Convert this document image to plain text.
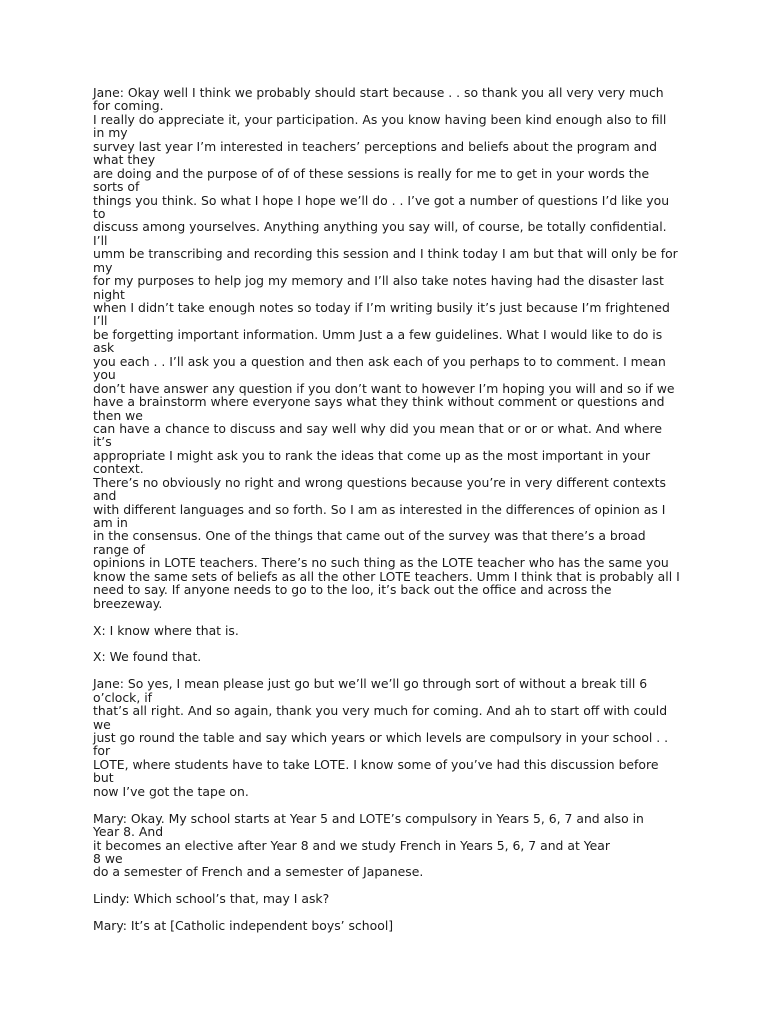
Jane: Okay well I think we probably should start because . . so thank you all very very much
for coming.
I really do appreciate it, your participation. As you know having been kind enough also to fill
in my
survey last year I’m interested in teachers’ perceptions and beliefs about the program and
what they
are doing and the purpose of of of these sessions is really for me to get in your words the
sorts of
things you think. So what I hope I hope we’ll do . . I’ve got a number of questions I’d like you
to
discuss among yourselves. Anything anything you say will, of course, be totally confidential.
I’ll
umm be transcribing and recording this session and I think today I am but that will only be for
my
for my purposes to help jog my memory and I’ll also take notes having had the disaster last
night
when I didn’t take enough notes so today if I’m writing busily it’s just because I’m frightened
I’ll
be forgetting important information. Umm Just a a few guidelines. What I would like to do is
ask
you each . . I’ll ask you a question and then ask each of you perhaps to to comment. I mean
you
don’t have answer any question if you don’t want to however I’m hoping you will and so if we
have a brainstorm where everyone says what they think without comment or questions and
then we
can have a chance to discuss and say well why did you mean that or or or what. And where
it’s
appropriate I might ask you to rank the ideas that come up as the most important in your
context.
There’s no obviously no right and wrong questions because you’re in very different contexts
and
with different languages and so forth. So I am as interested in the differences of opinion as I
am in
in the consensus. One of the things that came out of the survey was that there’s a broad
range of
opinions in LOTE teachers. There’s no such thing as the LOTE teacher who has the same you
know the same sets of beliefs as all the other LOTE teachers. Umm I think that is probably all I
need to say. If anyone needs to go to the loo, it’s back out the office and across the
breezeway.
X: I know where that is.
X: We found that.
Jane: So yes, I mean please just go but we’ll we’ll go through sort of without a break till 6
o’clock, if
that’s all right. And so again, thank you very much for coming. And ah to start off with could
we
just go round the table and say which years or which levels are compulsory in your school . .
for
LOTE, where students have to take LOTE. I know some of you’ve had this discussion before
but
now I’ve got the tape on.
Mary: Okay. My school starts at Year 5 and LOTE’s compulsory in Years 5, 6, 7 and also in
Year 8. And
it becomes an elective after Year 8 and we study French in Years 5, 6, 7 and at Year
8 we
do a semester of French and a semester of Japanese.
Lindy: Which school’s that, may I ask?
Mary: It’s at [Catholic independent boys’ school]
